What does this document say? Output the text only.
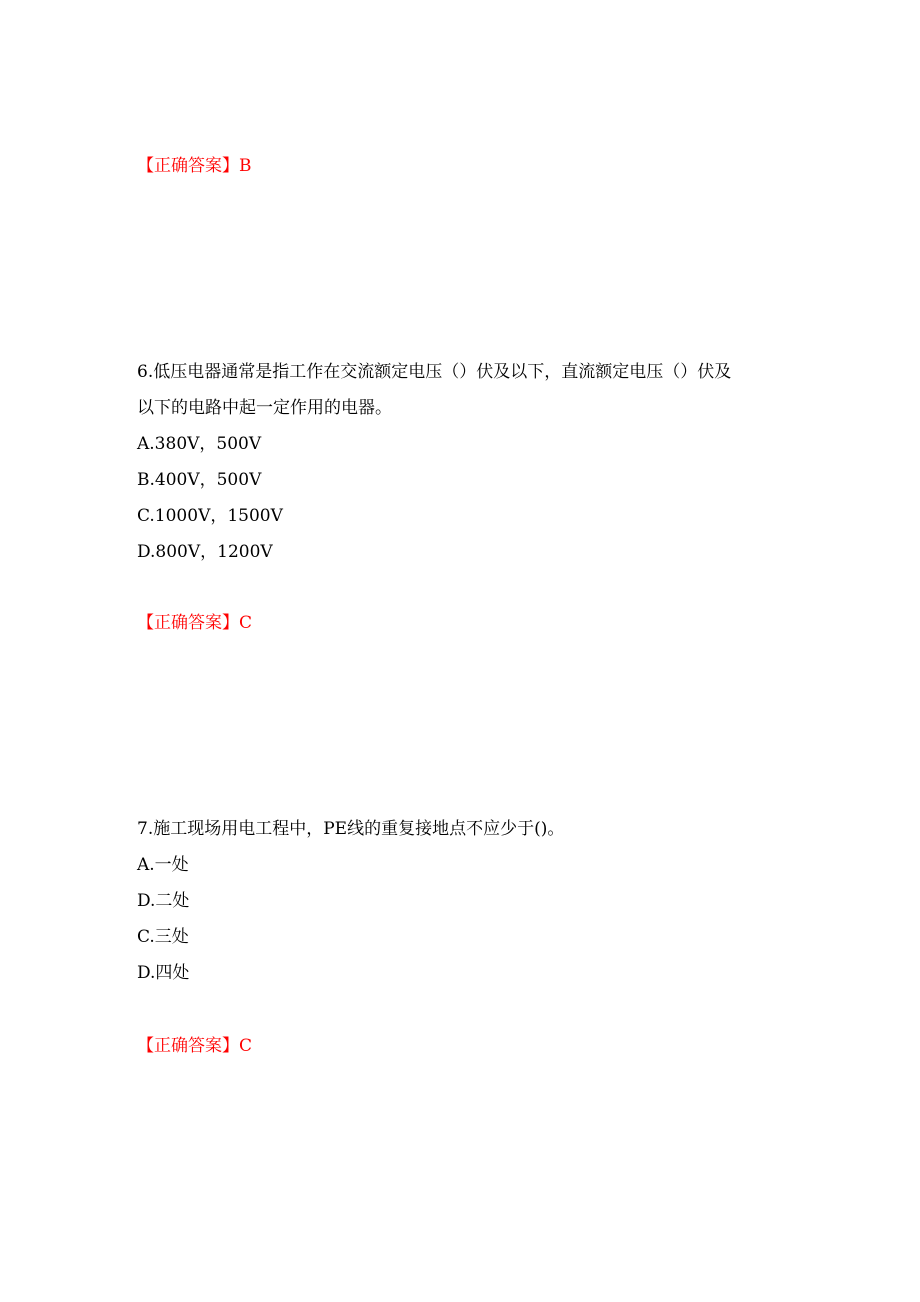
【正确答案】B

6.低压电器通常是指工作在交流额定电压（）伏及以下，直流额定电压（）伏及

以下的电路中起一定作用的电器。

A.380V，500V

B.400V，500V

C.1000V，1500V

D.800V，1200V

【正确答案】C

7.施工现场用电工程中，PE线的重复接地点不应少于()。

A.一处

D.二处

C.三处

D.四处

【正确答案】C
